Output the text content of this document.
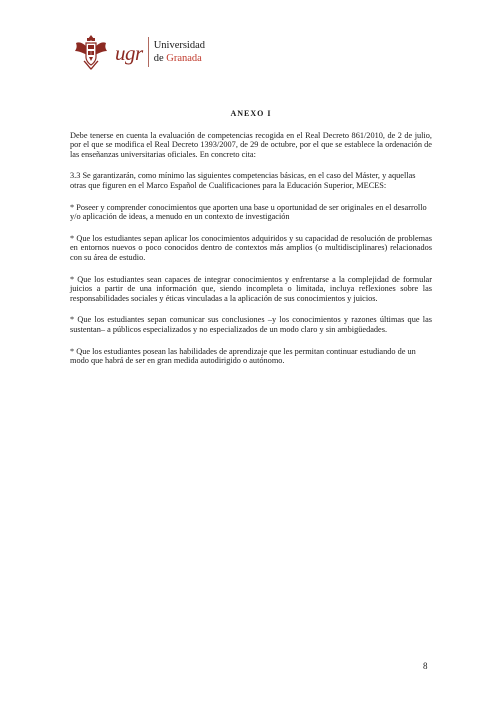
ugr Universidad
de Granada

ANEXO I

Debe tenerse en cuenta la evaluación de competencias recogida en el Real Decreto 861/2010, de 2 de julio, por el que se modifica el Real Decreto 1393/2007, de 29 de octubre, por el que se establece la ordenación de las enseñanzas universitarias oficiales. En concreto cita:

3.3 Se garantizarán, como mínimo las siguientes competencias básicas, en el caso del Máster, y aquellas otras que figuren en el Marco Español de Cualificaciones para la Educación Superior, MECES:

* Poseer y comprender conocimientos que aporten una base u oportunidad de ser originales en el desarrollo y/o aplicación de ideas, a menudo en un contexto de investigación

* Que los estudiantes sepan aplicar los conocimientos adquiridos y su capacidad de resolución de problemas en entornos nuevos o poco conocidos dentro de contextos más amplios (o multidisciplinares) relacionados con su área de estudio.

* Que los estudiantes sean capaces de integrar conocimientos y enfrentarse a la complejidad de formular juicios a partir de una información que, siendo incompleta o limitada, incluya reflexiones sobre las responsabilidades sociales y éticas vinculadas a la aplicación de sus conocimientos y juicios.

* Que los estudiantes sepan comunicar sus conclusiones –y los conocimientos y razones últimas que las sustentan– a públicos especializados y no especializados de un modo claro y sin ambigüedades.

* Que los estudiantes posean las habilidades de aprendizaje que les permitan continuar estudiando de un modo que habrá de ser en gran medida autodirigido o autónomo.

8
